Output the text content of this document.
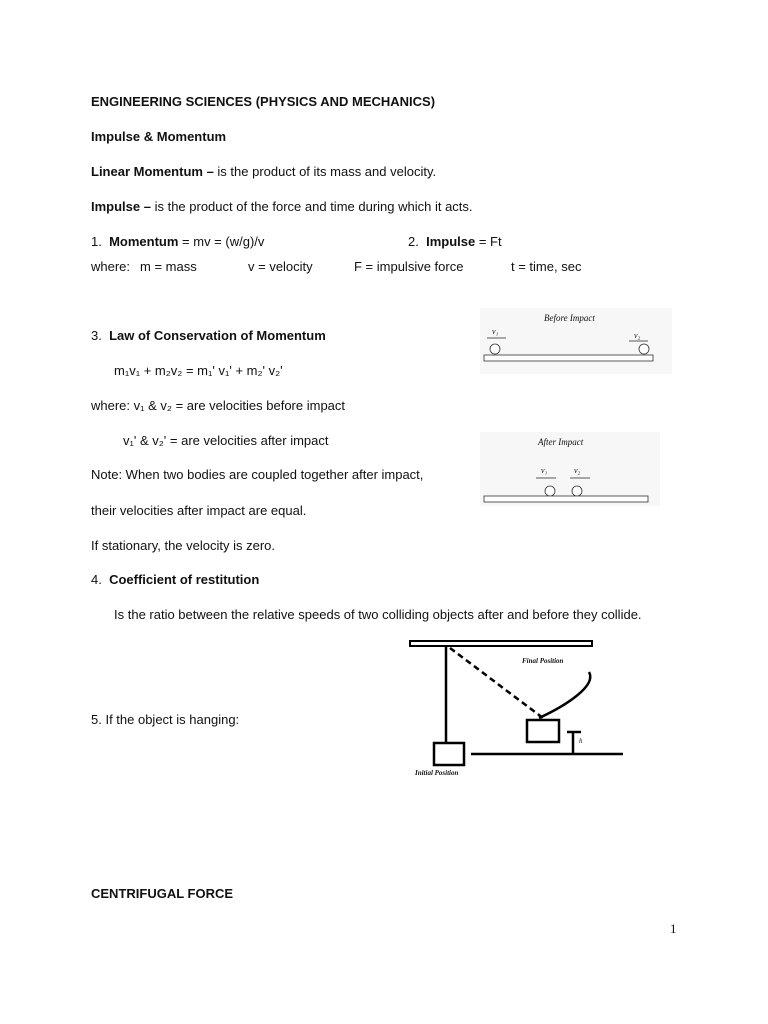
ENGINEERING SCIENCES (PHYSICS AND MECHANICS)
Impulse & Momentum
Linear Momentum – is the product of its mass and velocity.
Impulse – is the product of the force and time during which it acts.
1. Momentum = mv = (w/g)/v	2. Impulse = Ft
where: m = mass	v = velocity	F = impulsive force	t = time, sec
3. Law of Conservation of Momentum
m₁v₁ + m₂v₂ = m₁' v₁' + m₂' v₂'
where: v₁ & v₂ = are velocities before impact
v₁' & v₂' = are velocities after impact
Note: When two bodies are coupled together after impact,
their velocities after impact are equal.
If stationary, the velocity is zero.
4. Coefficient of restitution
Is the ratio between the relative speeds of two colliding objects after and before they collide.
5. If the object is hanging:
CENTRIFUGAL FORCE
1
Before Impact
v₁	v₂
After Impact
v₁	v₂
Final Position
Initial Position
h
